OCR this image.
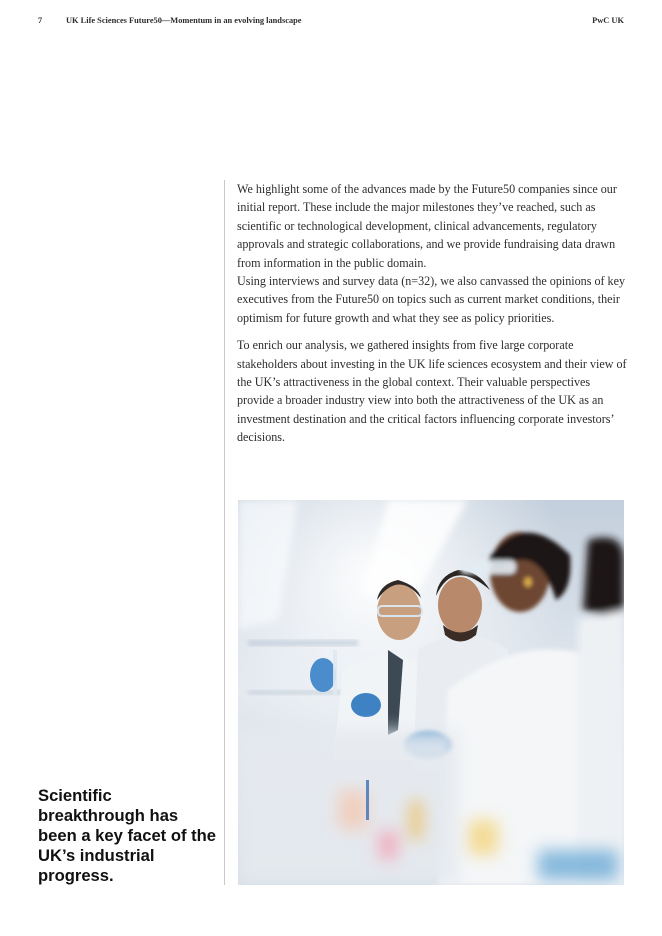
7	UK Life Sciences Future50—Momentum in an evolving landscape	PwC UK

We highlight some of the advances made by the Future50 companies since our initial report. These include the major milestones they’ve reached, such as scientific or technological development, clinical advancements, regulatory approvals and strategic collaborations, and we provide fundraising data drawn from information in the public domain.

Using interviews and survey data (n=32), we also canvassed the opinions of key executives from the Future50 on topics such as current market conditions, their optimism for future growth and what they see as policy priorities.

To enrich our analysis, we gathered insights from five large corporate stakeholders about investing in the UK life sciences ecosystem and their view of the UK’s attractiveness in the global context. Their valuable perspectives provide a broader industry view into both the attractiveness of the UK as an investment destination and the critical factors influencing corporate investors’ decisions.

Scientific breakthrough has been a key facet of the UK’s industrial progress.
